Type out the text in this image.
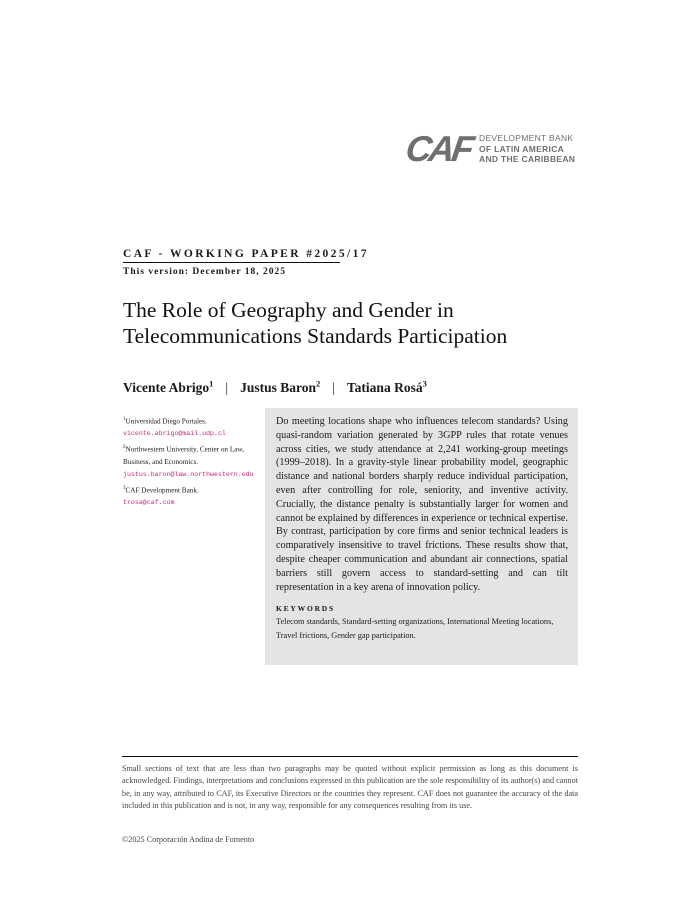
CAF DEVELOPMENT BANK
OF LATIN AMERICA
AND THE CARIBBEAN
CAF - WORKING PAPER #2025/17
This version: December 18, 2025
The Role of Geography and Gender in
Telecommunications Standards Participation
Vicente Abrigo$^1$ | Justus Baron$^2$ | Tatiana Rosá$^3$
$^1$Universidad Diego Portales.
vicente.abrigo@mail.udp.cl
$^2$Northwestern University, Center on Law, Business, and Economics.
justus.baron@law.northwestern.edu
$^3$CAF Development Bank.
trosa@caf.com

Do meeting locations shape who influences telecom standards? Using quasi-random variation generated by 3GPP rules that rotate venues across cities, we study attendance at 2,241 working-group meetings (1999–2018). In a gravity-style linear probability model, geographic distance and national borders sharply reduce individual participation, even after controlling for role, seniority, and inventive activity. Crucially, the distance penalty is substantially larger for women and cannot be explained by differences in experience or technical expertise. By contrast, participation by core firms and senior technical leaders is comparatively insensitive to travel frictions. These results show that, despite cheaper communication and abundant air connections, spatial barriers still govern access to standard-setting and can tilt representation in a key arena of innovation policy.

KEYWORDS
Telecom standards, Standard-setting organizations, International Meeting locations, Travel frictions, Gender gap participation.
Small sections of text that are less than two paragraphs may be quoted without explicit permission as long as this document is acknowledged. Findings, interpretations and conclusions expressed in this publication are the sole responsibility of its author(s) and cannot be, in any way, attributed to CAF, its Executive Directors or the countries they represent. CAF does not guarantee the accuracy of the data included in this publication and is not, in any way, responsible for any consequences resulting from its use.
©2025 Corporación Andina de Fomento
